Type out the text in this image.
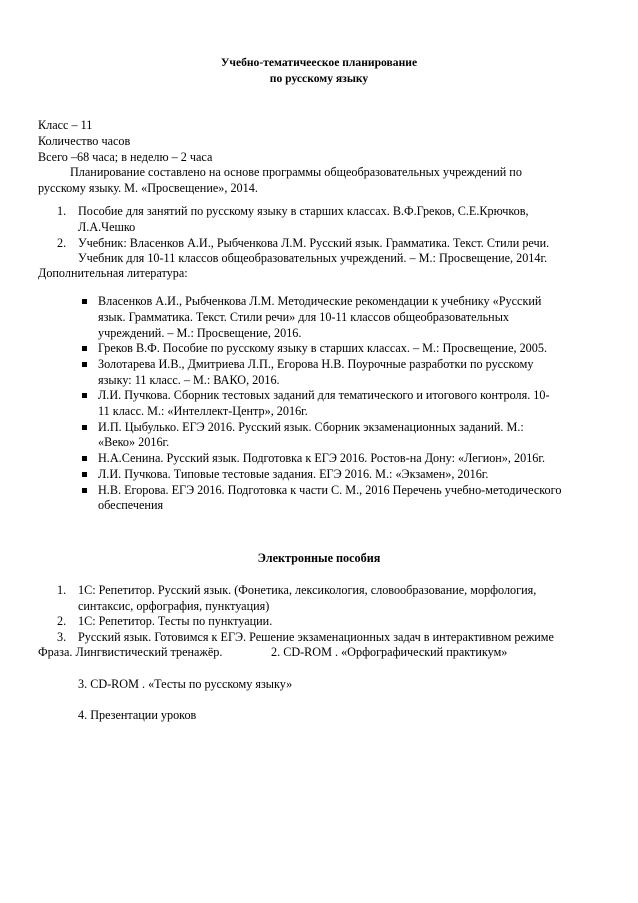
Учебно-тематичееское планирование
по русскому языку
Класс – 11
Количество часов
Всего –68 часа; в неделю – 2 часа
Планирование составлено на основе программы общеобразовательных учреждений по
русскому языку. М. «Просвещение», 2014.
1. Пособие для занятий по русскому языку в старших классах. В.Ф.Греков, С.Е.Крючков,
Л.А.Чешко
2. Учебник: Власенков А.И., Рыбченкова Л.М. Русский язык. Грамматика. Текст. Стили речи.
Учебник для 10-11 классов общеобразовательных учреждений. – М.: Просвещение, 2014г.
Дополнительная литература:
Власенков А.И., Рыбченкова Л.М. Методические рекомендации к учебнику «Русский
язык. Грамматика. Текст. Стили речи» для 10-11 классов общеобразовательных
учреждений. – М.: Просвещение, 2016.
Греков В.Ф. Пособие по русскому языку в старших классах. – М.: Просвещение, 2005.
Золотарева И.В., Дмитриева Л.П., Егорова Н.В. Поурочные разработки по русскому
языку: 11 класс. – М.: ВАКО, 2016.
Л.И. Пучкова. Сборник тестовых заданий для тематического и итогового контроля. 10-
11 класс. М.: «Интеллект-Центр», 2016г.
И.П. Цыбулько. ЕГЭ 2016. Русский язык. Сборник экзаменационных заданий. М.:
«Веко» 2016г.
Н.А.Сенина. Русский язык. Подготовка к ЕГЭ 2016. Ростов-на Дону: «Легион», 2016г.
Л.И. Пучкова. Типовые тестовые задания. ЕГЭ 2016. М.: «Экзамен», 2016г.
Н.В. Егорова. ЕГЭ 2016. Подготовка к части С. М., 2016 Перечень учебно-методического
обеспечения
Электронные пособия
1. 1С: Репетитор. Русский язык. (Фонетика, лексикология, словообразование, морфология,
синтаксис, орфография, пунктуация)
2. 1С: Репетитор. Тесты по пунктуации.
3. Русский язык. Готовимся к ЕГЭ. Решение экзаменационных задач в интерактивном режиме
Фраза. Лингвистический тренажёр.	2. CD-ROM . «Орфографический практикум»
3. CD-ROM . «Тесты по русскому языку»
4. Презентации уроков
